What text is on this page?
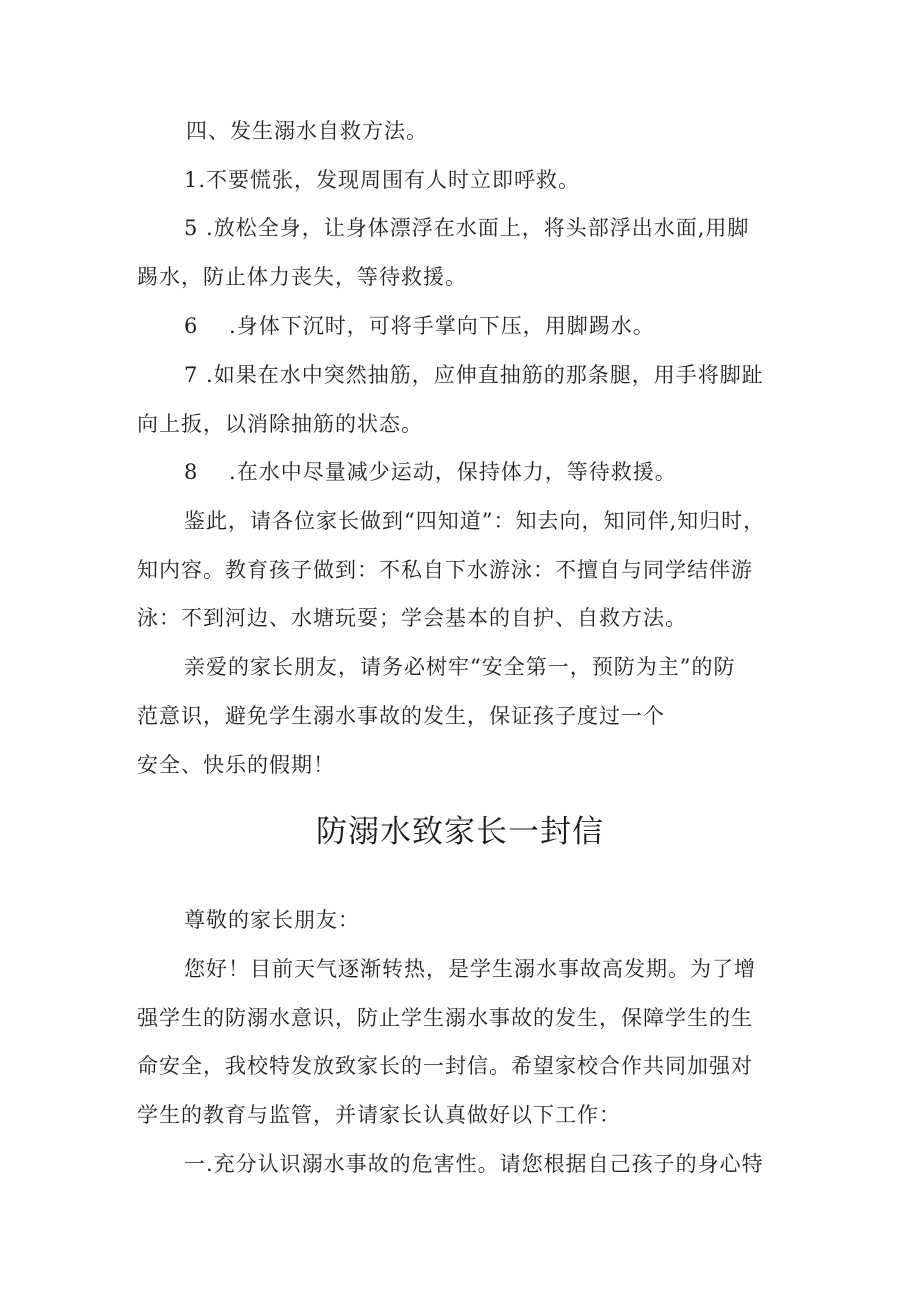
四、发生溺水自救方法。
1.不要慌张，发现周围有人时立即呼救。
5 .放松全身，让身体漂浮在水面上，将头部浮出水面,用脚
踢水，防止体力丧失，等待救援。
6    .身体下沉时，可将手掌向下压，用脚踢水。
7 .如果在水中突然抽筋，应伸直抽筋的那条腿，用手将脚趾
向上扳，以消除抽筋的状态。
8    .在水中尽量减少运动，保持体力，等待救援。
鉴此，请各位家长做到“四知道”：知去向，知同伴,知归时，
知内容。教育孩子做到：不私自下水游泳：不擅自与同学结伴游
泳：不到河边、水塘玩耍；学会基本的自护、自救方法。
亲爱的家长朋友，请务必树牢“安全第一，预防为主”的防
范意识，避免学生溺水事故的发生，保证孩子度过一个
安全、快乐的假期！
防溺水致家长一封信
尊敬的家长朋友：
您好！目前天气逐渐转热，是学生溺水事故高发期。为了增
强学生的防溺水意识，防止学生溺水事故的发生，保障学生的生
命安全，我校特发放致家长的一封信。希望家校合作共同加强对
学生的教育与监管，并请家长认真做好以下工作：
一.充分认识溺水事故的危害性。请您根据自己孩子的身心特
